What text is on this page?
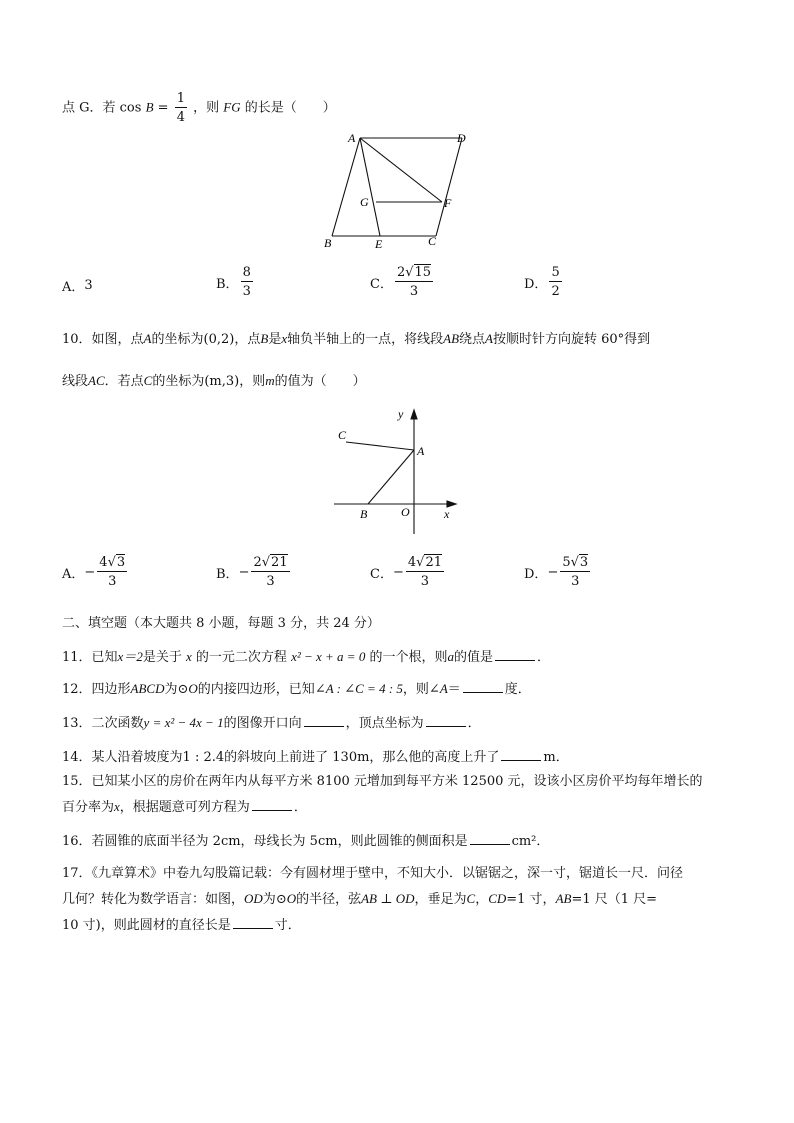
点 G．若 $\cos B = \frac{1}{4}$ ，则 FG 的长是（　　）
A	D
G	F
B	E	C
A． 3	B． $\frac{8}{3}$	C． $\frac{2√15}{3}$	D． $\frac{5}{2}$
10．如图，点A的坐标为(0,2)，点B是x轴负半轴上的一点，将线段AB绕点A按顺时针方向旋转 60°得到
线段AC．若点C的坐标为(m,3)，则m的值为（　　）
y
x
C
A
B	O
A． − $\frac{4√3}{3}$	B． − $\frac{2√21}{3}$	C． − $\frac{4√21}{3}$	D． − $\frac{5√3}{3}$
二、填空题（本大题共 8 小题，每题 3 分，共 24 分）
11．已知x＝2是关于 x 的一元二次方程 x² − x + a = 0 的一个根，则a的值是	．
12．四边形ABCD为⊙O的内接四边形，已知∠A : ∠C = 4 : 5，则∠A＝	度．
13．二次函数y = x² − 4x − 1的图像开口向	，顶点坐标为	．
14．某人沿着坡度为1 : 2.4的斜坡向上前进了 130m，那么他的高度上升了	m．
15．已知某小区的房价在两年内从每平方米 8100 元增加到每平方米 12500 元，设该小区房价平均每年增长的
百分率为x，根据题意可列方程为	．
16．若圆锥的底面半径为 2cm，母线长为 5cm，则此圆锥的侧面积是	cm²．
17．《九章算术》中卷九勾股篇记载：今有圆材埋于壁中，不知大小．以锯锯之，深一寸，锯道长一尺．问径
几何？转化为数学语言：如图，OD为⊙O的半径，弦AB ⊥ OD，垂足为C，CD=1 寸，AB=1 尺（1 尺=
10 寸)，则此圆材的直径长是	寸．
